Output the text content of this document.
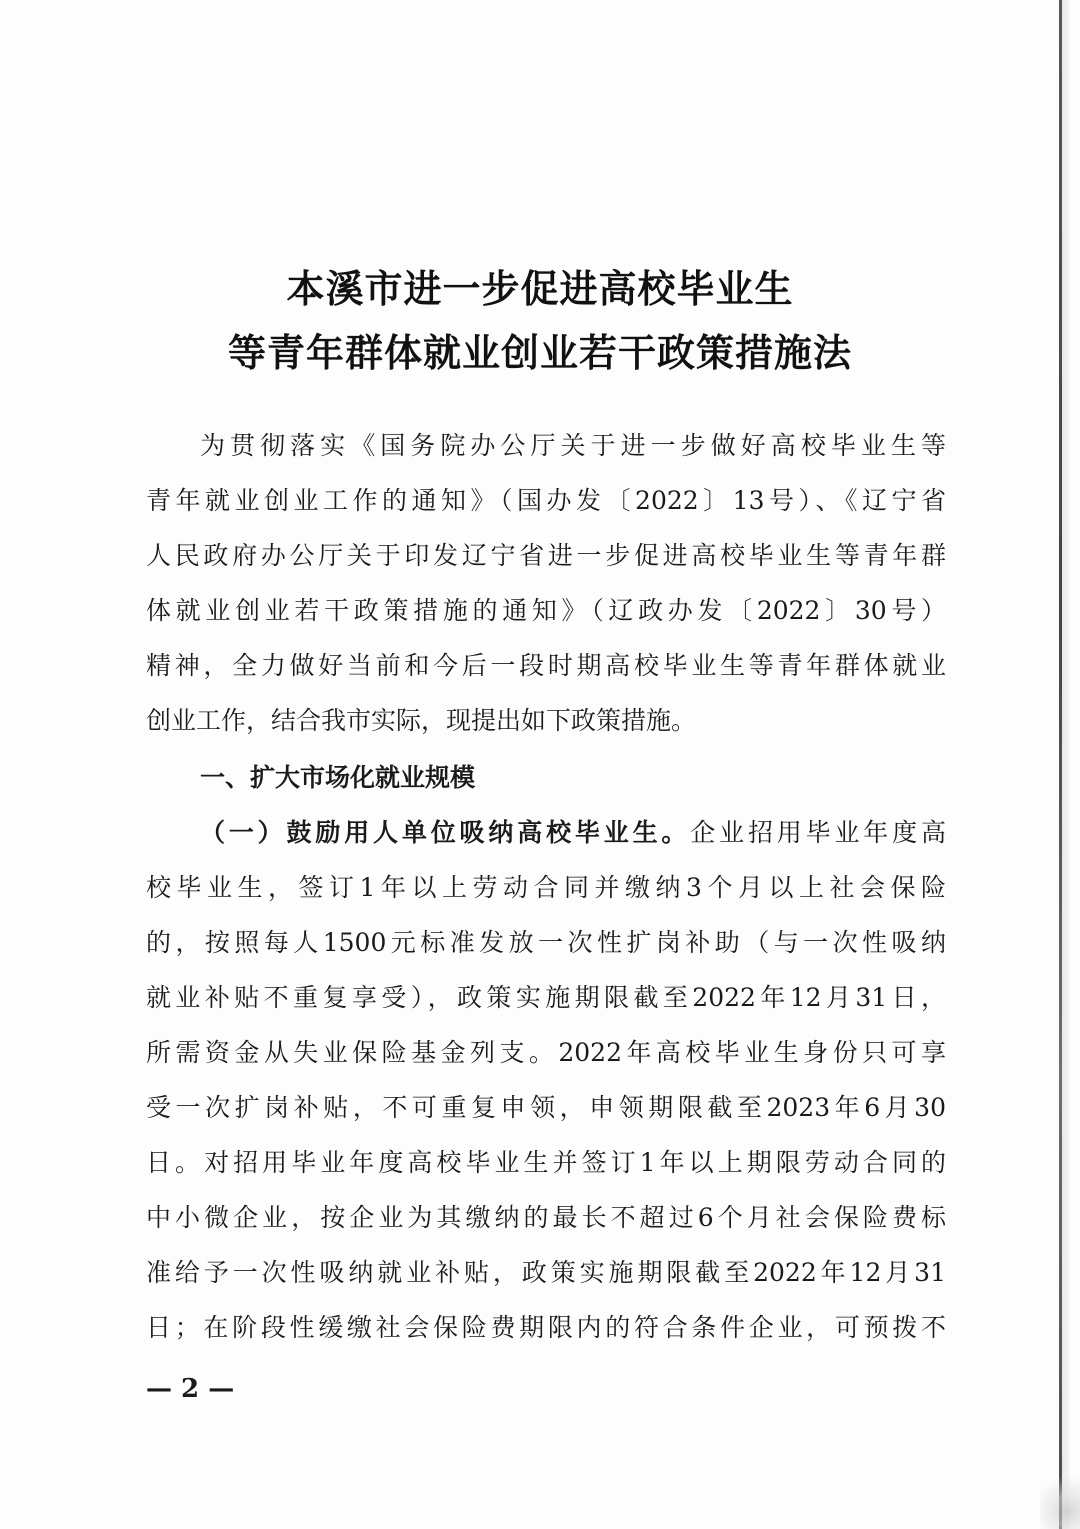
本溪市进一步促进高校毕业生
等青年群体就业创业若干政策措施法

为贯彻落实《国务院办公厅关于进一步做好高校毕业生等

青年就业创业工作的通知》（国办发〔2022〕13号）、《辽宁省

人民政府办公厅关于印发辽宁省进一步促进高校毕业生等青年群

体就业创业若干政策措施的通知》（辽政办发〔2022〕30号）

精神，全力做好当前和今后一段时期高校毕业生等青年群体就业

创业工作，结合我市实际，现提出如下政策措施。

一、扩大市场化就业规模

（一）鼓励用人单位吸纳高校毕业生。企业招用毕业年度高

校毕业生，签订1年以上劳动合同并缴纳3个月以上社会保险

的，按照每人1500元标准发放一次性扩岗补助（与一次性吸纳

就业补贴不重复享受），政策实施期限截至2022年12月31日，

所需资金从失业保险基金列支。2022年高校毕业生身份只可享

受一次扩岗补贴，不可重复申领，申领期限截至2023年6月30

日。对招用毕业年度高校毕业生并签订1年以上期限劳动合同的

中小微企业，按企业为其缴纳的最长不超过6个月社会保险费标

准给予一次性吸纳就业补贴，政策实施期限截至2022年12月31

日；在阶段性缓缴社会保险费期限内的符合条件企业，可预拨不

— 2 —
